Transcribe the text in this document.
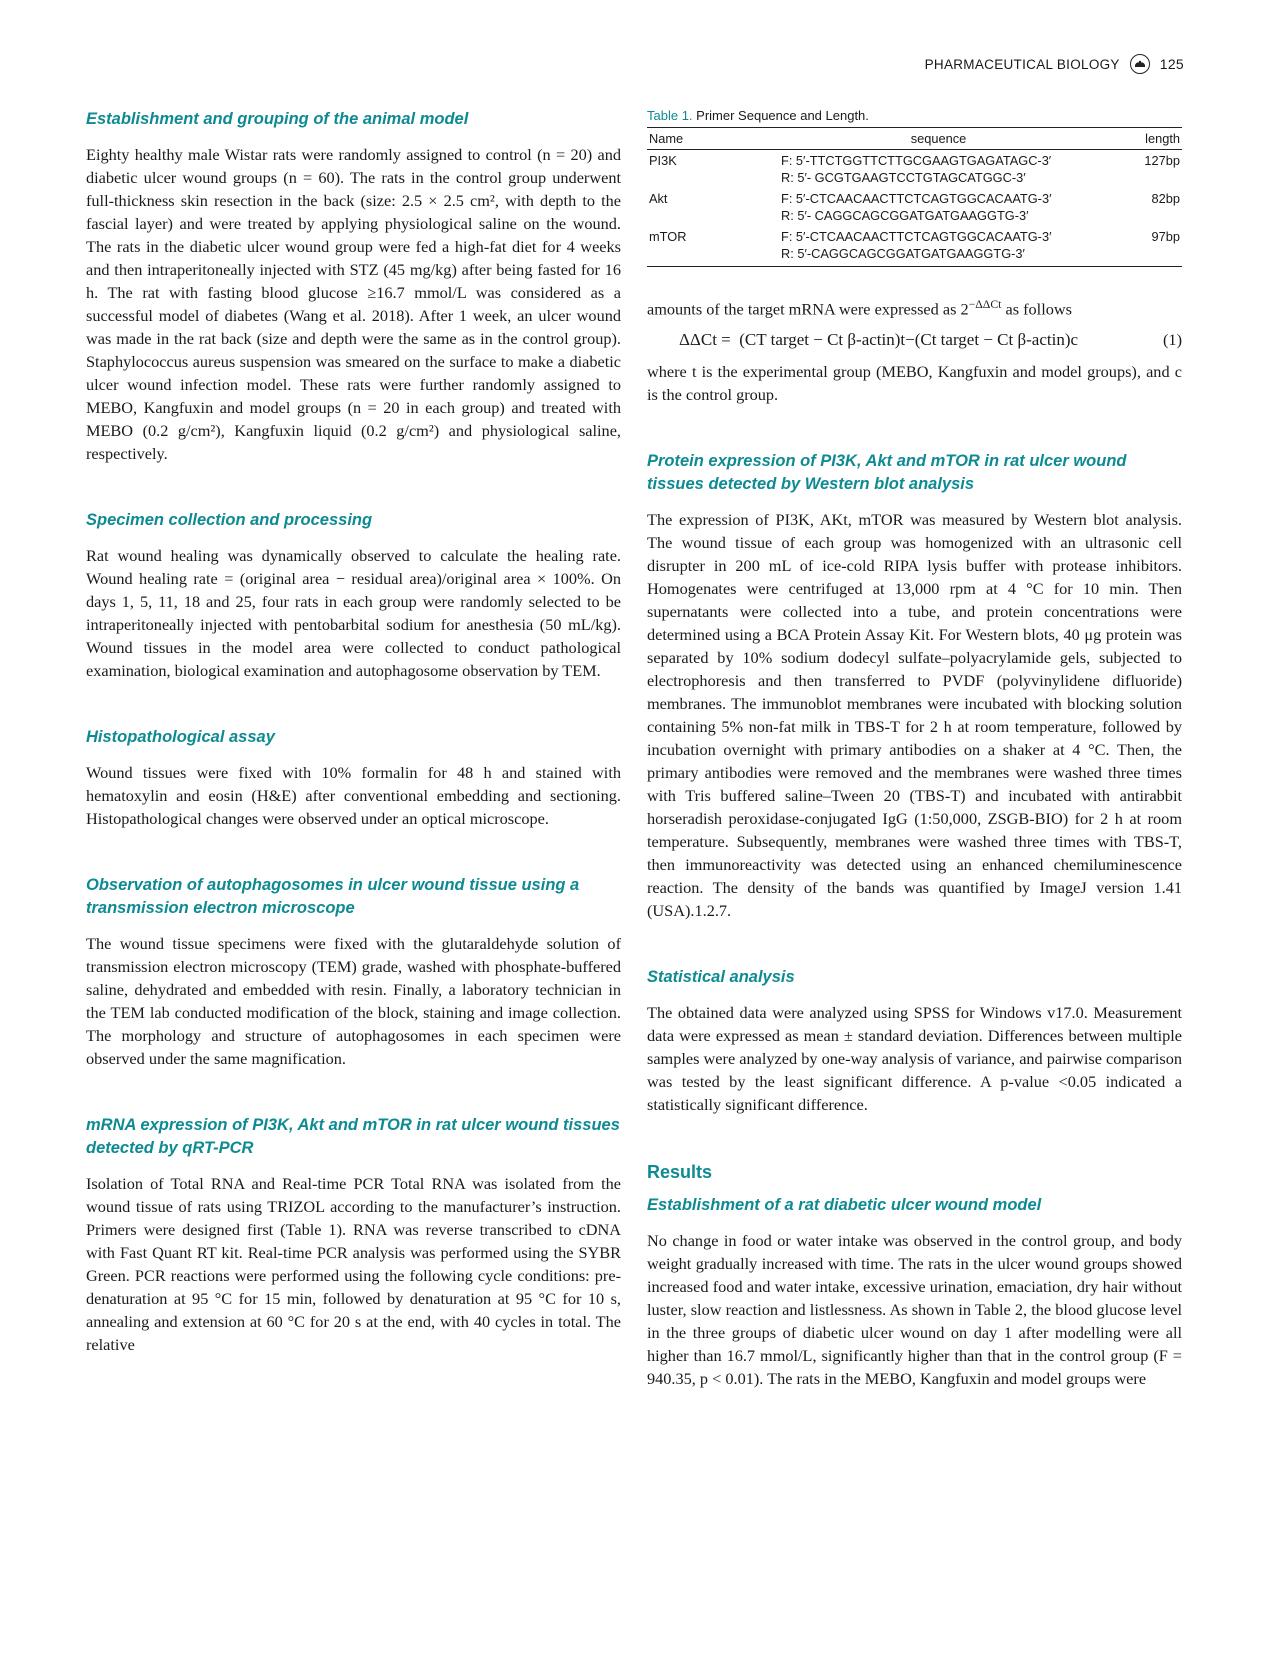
PHARMACEUTICAL BIOLOGY	125
Establishment and grouping of the animal model

Eighty healthy male Wistar rats were randomly assigned to control (n = 20) and diabetic ulcer wound groups (n = 60). The rats in the control group underwent full-thickness skin resection in the back (size: 2.5 × 2.5 cm², with depth to the fascial layer) and were treated by applying physiological saline on the wound. The rats in the diabetic ulcer wound group were fed a high-fat diet for 4 weeks and then intraperitoneally injected with STZ (45 mg/kg) after being fasted for 16 h. The rat with fasting blood glucose ≥16.7 mmol/L was considered as a successful model of diabetes (Wang et al. 2018). After 1 week, an ulcer wound was made in the rat back (size and depth were the same as in the control group). Staphylococcus aureus suspension was smeared on the surface to make a diabetic ulcer wound infection model. These rats were further randomly assigned to MEBO, Kangfuxin and model groups (n = 20 in each group) and treated with MEBO (0.2 g/cm²), Kangfuxin liquid (0.2 g/cm²) and physiological saline, respectively.

Specimen collection and processing

Rat wound healing was dynamically observed to calculate the healing rate. Wound healing rate = (original area − residual area)/original area × 100%. On days 1, 5, 11, 18 and 25, four rats in each group were randomly selected to be intraperitoneally injected with pentobarbital sodium for anesthesia (50 mL/kg). Wound tissues in the model area were collected to conduct pathological examination, biological examination and autophagosome observation by TEM.

Histopathological assay

Wound tissues were fixed with 10% formalin for 48 h and stained with hematoxylin and eosin (H&E) after conventional embedding and sectioning. Histopathological changes were observed under an optical microscope.

Observation of autophagosomes in ulcer wound tissue using a transmission electron microscope

The wound tissue specimens were fixed with the glutaraldehyde solution of transmission electron microscopy (TEM) grade, washed with phosphate-buffered saline, dehydrated and embedded with resin. Finally, a laboratory technician in the TEM lab conducted modification of the block, staining and image collection. The morphology and structure of autophagosomes in each specimen were observed under the same magnification.

mRNA expression of PI3K, Akt and mTOR in rat ulcer wound tissues detected by qRT-PCR

Isolation of Total RNA and Real-time PCR Total RNA was isolated from the wound tissue of rats using TRIZOL according to the manufacturer’s instruction. Primers were designed first (Table 1). RNA was reverse transcribed to cDNA with Fast Quant RT kit. Real-time PCR analysis was performed using the SYBR Green. PCR reactions were performed using the following cycle conditions: pre-denaturation at 95 °C for 15 min, followed by denaturation at 95 °C for 10 s, annealing and extension at 60 °C for 20 s at the end, with 40 cycles in total. The relative

Table 1. Primer Sequence and Length.
Name	sequence	length
PI3K	F: 5′-TTCTGGTTCTTGCGAAGTGAGATAGC-3′
R: 5′- GCGTGAAGTCCTGTAGCATGGC-3′	127bp
Akt	F: 5′-CTCAACAACTTCTCAGTGGCACAATG-3′
R: 5′- CAGGCAGCGGATGATGAAGGTG-3′	82bp
mTOR	F: 5′-CTCAACAACTTCTCAGTGGCACAATG-3′
R: 5′-CAGGCAGCGGATGATGAAGGTG-3′	97bp

amounts of the target mRNA were expressed as $2^{-\Delta\Delta Ct}$ as follows

ΔΔCt = (CT target − Ct β-actin)t−(Ct target − Ct β-actin)c	(1)

where t is the experimental group (MEBO, Kangfuxin and model groups), and c is the control group.

Protein expression of PI3K, Akt and mTOR in rat ulcer wound tissues detected by Western blot analysis

The expression of PI3K, AKt, mTOR was measured by Western blot analysis. The wound tissue of each group was homogenized with an ultrasonic cell disrupter in 200 mL of ice-cold RIPA lysis buffer with protease inhibitors. Homogenates were centrifuged at 13,000 rpm at 4 °C for 10 min. Then supernatants were collected into a tube, and protein concentrations were determined using a BCA Protein Assay Kit. For Western blots, 40 μg protein was separated by 10% sodium dodecyl sulfate–polyacrylamide gels, subjected to electrophoresis and then transferred to PVDF (polyvinylidene difluoride) membranes. The immunoblot membranes were incubated with blocking solution containing 5% non-fat milk in TBS-T for 2 h at room temperature, followed by incubation overnight with primary antibodies on a shaker at 4 °C. Then, the primary antibodies were removed and the membranes were washed three times with Tris buffered saline–Tween 20 (TBS-T) and incubated with antirabbit horseradish peroxidase-conjugated IgG (1:50,000, ZSGB-BIO) for 2 h at room temperature. Subsequently, membranes were washed three times with TBS-T, then immunoreactivity was detected using an enhanced chemiluminescence reaction. The density of the bands was quantified by ImageJ version 1.41 (USA).1.2.7.

Statistical analysis

The obtained data were analyzed using SPSS for Windows v17.0. Measurement data were expressed as mean ± standard deviation. Differences between multiple samples were analyzed by one-way analysis of variance, and pairwise comparison was tested by the least significant difference. A p-value <0.05 indicated a statistically significant difference.

Results
Establishment of a rat diabetic ulcer wound model

No change in food or water intake was observed in the control group, and body weight gradually increased with time. The rats in the ulcer wound groups showed increased food and water intake, excessive urination, emaciation, dry hair without luster, slow reaction and listlessness. As shown in Table 2, the blood glucose level in the three groups of diabetic ulcer wound on day 1 after modelling were all higher than 16.7 mmol/L, significantly higher than that in the control group (F = 940.35, p < 0.01). The rats in the MEBO, Kangfuxin and model groups were
